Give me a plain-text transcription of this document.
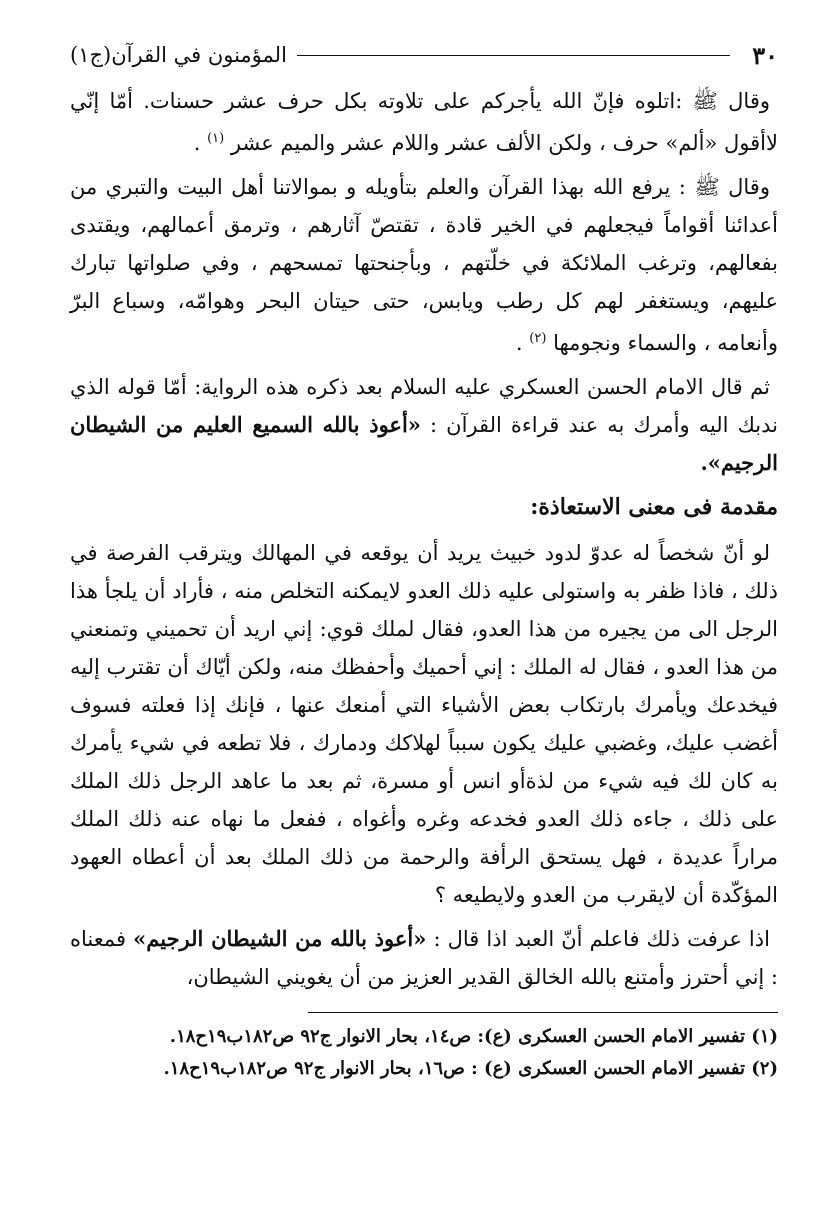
٣٠
المؤمنون في القرآن(ج١)

وقال ﷺ :اتلوه فإنّ الله يأجركم على تلاوته بكل حرف عشر حسنات. أمّا إنّي لاأقول «ألم» حرف ، ولكن الألف عشر واللام عشر والميم عشر $^{(١)}$ .

وقال ﷺ : يرفع الله بهذا القرآن والعلم بتأويله و بموالاتنا أهل البيت والتبري من أعدائنا أقواماً فيجعلهم في الخير قادة ، تقتصّ آثارهم ، وترمق أعمالهم، ويقتدى بفعالهم، وترغب الملائكة في خلّتهم ، وبأجنحتها تمسحهم ، وفي صلواتها تبارك عليهم، ويستغفر لهم كل رطب ويابس، حتى حيتان البحر وهوامّه، وسباع البرّ وأنعامه ، والسماء ونجومها $^{(٢)}$ .

ثم قال الامام الحسن العسكري عليه السلام بعد ذكره هذه الرواية: أمّا قوله الذي ندبك اليه وأمرك به عند قراءة القرآن : «أعوذ بالله السميع العليم من الشيطان الرجيم».

مقدمة فى معنى الاستعاذة:

لو أنّ شخصاً له عدوّ لدود خبيث يريد أن يوقعه في المهالك ويترقب الفرصة في ذلك ، فاذا ظفر به واستولى عليه ذلك العدو لايمكنه التخلص منه ، فأراد أن يلجأ هذا الرجل الى من يجيره من هذا العدو، فقال لملك قوي: إني اريد أن تحميني وتمنعني من هذا العدو ، فقال له الملك : إني أحميك وأحفظك منه، ولكن أيّاك أن تقترب إليه فيخدعك ويأمرك بارتكاب بعض الأشياء التي أمنعك عنها ، فإنك إذا فعلته فسوف أغضب عليك، وغضبي عليك يكون سبباً لهلاكك ودمارك ، فلا تطعه في شيء يأمرك به كان لك فيه شيء من لذةأو انس أو مسرة، ثم بعد ما عاهد الرجل ذلك الملك على ذلك ، جاءه ذلك العدو فخدعه وغره وأغواه ، ففعل ما نهاه عنه ذلك الملك مراراً عديدة ، فهل يستحق الرأفة والرحمة من ذلك الملك بعد أن أعطاه العهود المؤكّدة أن لايقرب من العدو ولايطيعه ؟

اذا عرفت ذلك فاعلم أنّ العبد اذا قال : «أعوذ بالله من الشيطان الرجيم» فمعناه : إني أحترز وأمتنع بالله الخالق القدير العزيز من أن يغويني الشيطان،

(١) تفسير الامام الحسن العسكرى (ع): ص١٤، بحار الانوار ج٩٢ ص١٨٢ب١٩ح١٨.

(٢) تفسير الامام الحسن العسكرى (ع) : ص١٦، بحار الانوار ج٩٢ ص١٨٢ب١٩ح١٨.
